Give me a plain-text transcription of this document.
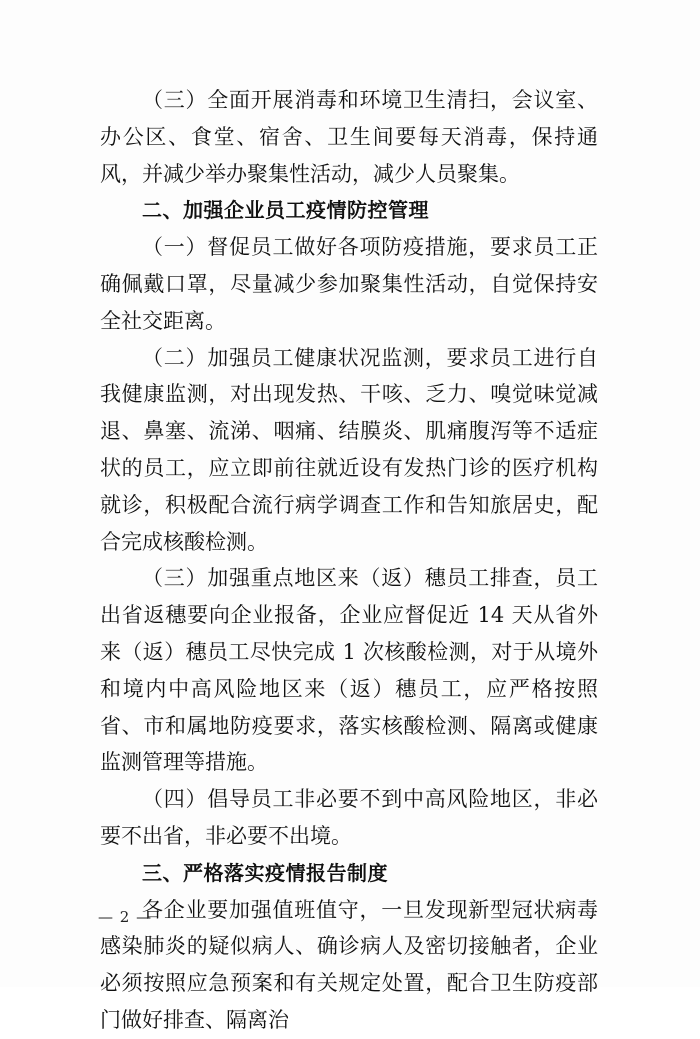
（三）全面开展消毒和环境卫生清扫，会议室、办公区、食堂、宿舍、卫生间要每天消毒，保持通风，并减少举办聚集性活动，减少人员聚集。

二、加强企业员工疫情防控管理

（一）督促员工做好各项防疫措施，要求员工正确佩戴口罩，尽量减少参加聚集性活动，自觉保持安全社交距离。

（二）加强员工健康状况监测，要求员工进行自我健康监测，对出现发热、干咳、乏力、嗅觉味觉减退、鼻塞、流涕、咽痛、结膜炎、肌痛腹泻等不适症状的员工，应立即前往就近设有发热门诊的医疗机构就诊，积极配合流行病学调查工作和告知旅居史，配合完成核酸检测。

（三）加强重点地区来（返）穗员工排查，员工出省返穗要向企业报备，企业应督促近 14 天从省外来（返）穗员工尽快完成 1 次核酸检测，对于从境外和境内中高风险地区来（返）穗员工，应严格按照省、市和属地防疫要求，落实核酸检测、隔离或健康监测管理等措施。

（四）倡导员工非必要不到中高风险地区，非必要不出省，非必要不出境。

三、严格落实疫情报告制度

各企业要加强值班值守，一旦发现新型冠状病毒感染肺炎的疑似病人、确诊病人及密切接触者，企业必须按照应急预案和有关规定处置，配合卫生防疫部门做好排查、隔离治

— 2 —
